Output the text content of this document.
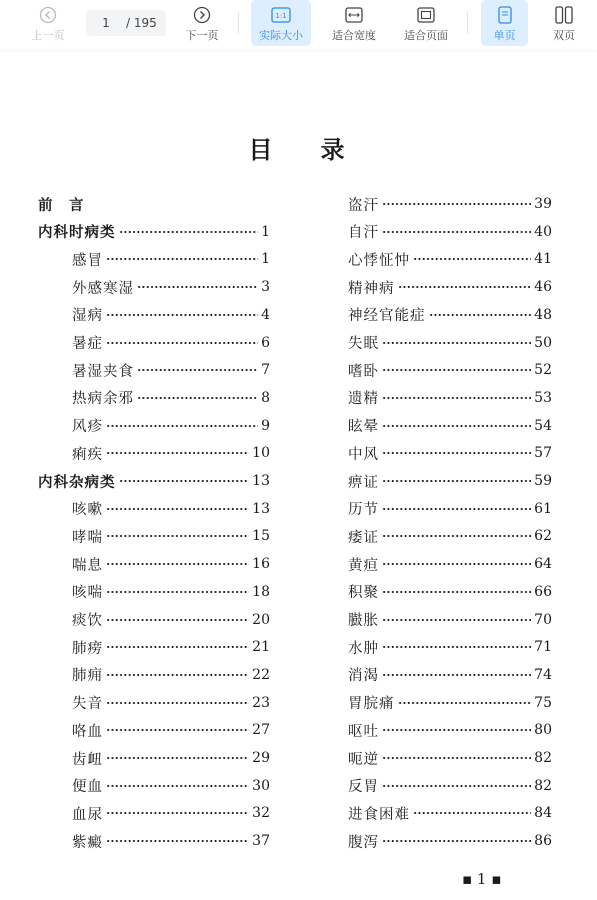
上一页
1	/ 195
下一页
1:1
实际大小	适合宽度	适合页面	单页	双页
目录
前　言
内科时病类	1
感冒	1
外感寒湿	3
湿病	4
暑症	6
暑湿夹食	7
热病余邪	8
风疹	9
痢疾	10
内科杂病类	13
咳嗽	13
哮喘	15
喘息	16
咳喘	18
痰饮	20
肺痨	21
肺痈	22
失音	23
咯血	27
齿衄	29
便血	30
血尿	32
紫癜	37
盗汗	39
自汗	40
心悸怔忡	41
精神病	46
神经官能症	48
失眠	50
嗜卧	52
遗精	53
眩晕	54
中风	57
痹证	59
历节	61
痿证	62
黄疸	64
积聚	66
臌胀	70
水肿	71
消渴	74
胃脘痛	75
呕吐	80
呃逆	82
反胃	82
进食困难	84
腹泻	86
▪ 1 ▪
